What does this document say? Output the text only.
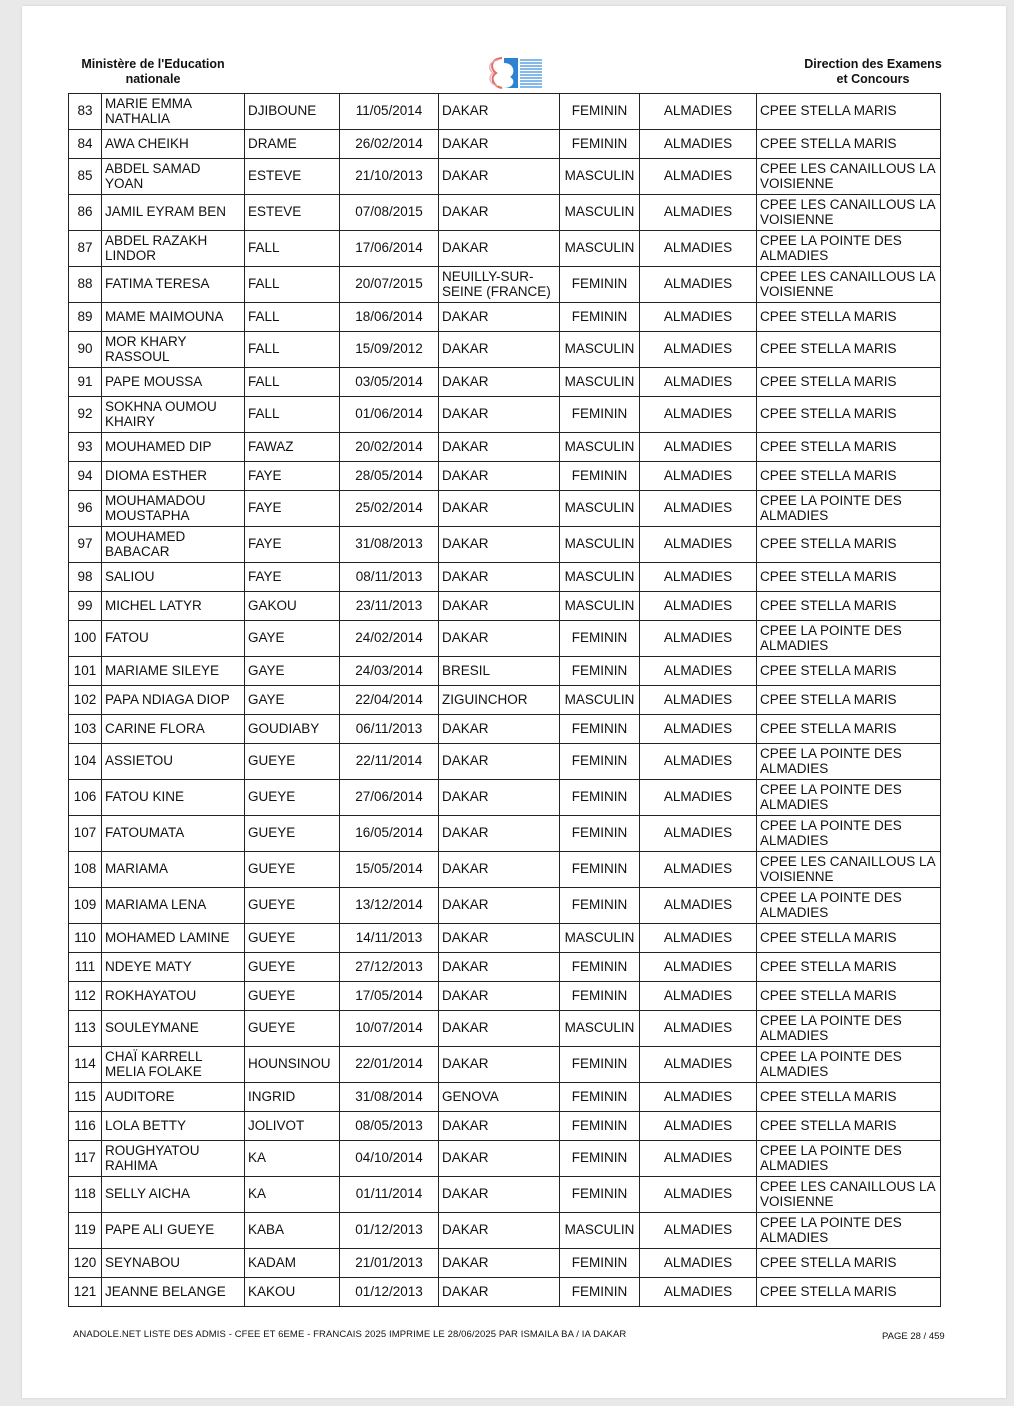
Ministère de l'Education
nationale
Direction des Examens
et Concours
83	MARIE EMMA NATHALIA	DJIBOUNE	11/05/2014	DAKAR	FEMININ	ALMADIES	CPEE STELLA MARIS
84	AWA CHEIKH	DRAME	26/02/2014	DAKAR	FEMININ	ALMADIES	CPEE STELLA MARIS
85	ABDEL SAMAD YOAN	ESTEVE	21/10/2013	DAKAR	MASCULIN	ALMADIES	CPEE LES CANAILLOUS LA VOISIENNE
86	JAMIL EYRAM BEN	ESTEVE	07/08/2015	DAKAR	MASCULIN	ALMADIES	CPEE LES CANAILLOUS LA VOISIENNE
87	ABDEL RAZAKH LINDOR	FALL	17/06/2014	DAKAR	MASCULIN	ALMADIES	CPEE LA POINTE DES ALMADIES
88	FATIMA TERESA	FALL	20/07/2015	NEUILLY-SUR-SEINE (FRANCE)	FEMININ	ALMADIES	CPEE LES CANAILLOUS LA VOISIENNE
89	MAME MAIMOUNA	FALL	18/06/2014	DAKAR	FEMININ	ALMADIES	CPEE STELLA MARIS
90	MOR KHARY RASSOUL	FALL	15/09/2012	DAKAR	MASCULIN	ALMADIES	CPEE STELLA MARIS
91	PAPE MOUSSA	FALL	03/05/2014	DAKAR	MASCULIN	ALMADIES	CPEE STELLA MARIS
92	SOKHNA OUMOU KHAIRY	FALL	01/06/2014	DAKAR	FEMININ	ALMADIES	CPEE STELLA MARIS
93	MOUHAMED DIP	FAWAZ	20/02/2014	DAKAR	MASCULIN	ALMADIES	CPEE STELLA MARIS
94	DIOMA ESTHER	FAYE	28/05/2014	DAKAR	FEMININ	ALMADIES	CPEE STELLA MARIS
96	MOUHAMADOU MOUSTAPHA	FAYE	25/02/2014	DAKAR	MASCULIN	ALMADIES	CPEE LA POINTE DES ALMADIES
97	MOUHAMED BABACAR	FAYE	31/08/2013	DAKAR	MASCULIN	ALMADIES	CPEE STELLA MARIS
98	SALIOU	FAYE	08/11/2013	DAKAR	MASCULIN	ALMADIES	CPEE STELLA MARIS
99	MICHEL LATYR	GAKOU	23/11/2013	DAKAR	MASCULIN	ALMADIES	CPEE STELLA MARIS
100	FATOU	GAYE	24/02/2014	DAKAR	FEMININ	ALMADIES	CPEE LA POINTE DES ALMADIES
101	MARIAME SILEYE	GAYE	24/03/2014	BRESIL	FEMININ	ALMADIES	CPEE STELLA MARIS
102	PAPA NDIAGA DIOP	GAYE	22/04/2014	ZIGUINCHOR	MASCULIN	ALMADIES	CPEE STELLA MARIS
103	CARINE FLORA	GOUDIABY	06/11/2013	DAKAR	FEMININ	ALMADIES	CPEE STELLA MARIS
104	ASSIETOU	GUEYE	22/11/2014	DAKAR	FEMININ	ALMADIES	CPEE LA POINTE DES ALMADIES
106	FATOU KINE	GUEYE	27/06/2014	DAKAR	FEMININ	ALMADIES	CPEE LA POINTE DES ALMADIES
107	FATOUMATA	GUEYE	16/05/2014	DAKAR	FEMININ	ALMADIES	CPEE LA POINTE DES ALMADIES
108	MARIAMA	GUEYE	15/05/2014	DAKAR	FEMININ	ALMADIES	CPEE LES CANAILLOUS LA VOISIENNE
109	MARIAMA LENA	GUEYE	13/12/2014	DAKAR	FEMININ	ALMADIES	CPEE LA POINTE DES ALMADIES
110	MOHAMED LAMINE	GUEYE	14/11/2013	DAKAR	MASCULIN	ALMADIES	CPEE STELLA MARIS
111	NDEYE MATY	GUEYE	27/12/2013	DAKAR	FEMININ	ALMADIES	CPEE STELLA MARIS
112	ROKHAYATOU	GUEYE	17/05/2014	DAKAR	FEMININ	ALMADIES	CPEE STELLA MARIS
113	SOULEYMANE	GUEYE	10/07/2014	DAKAR	MASCULIN	ALMADIES	CPEE LA POINTE DES ALMADIES
114	CHAÏ KARRELL MELIA FOLAKE	HOUNSINOU	22/01/2014	DAKAR	FEMININ	ALMADIES	CPEE LA POINTE DES ALMADIES
115	AUDITORE	INGRID	31/08/2014	GENOVA	FEMININ	ALMADIES	CPEE STELLA MARIS
116	LOLA BETTY	JOLIVOT	08/05/2013	DAKAR	FEMININ	ALMADIES	CPEE STELLA MARIS
117	ROUGHYATOU RAHIMA	KA	04/10/2014	DAKAR	FEMININ	ALMADIES	CPEE LA POINTE DES ALMADIES
118	SELLY AICHA	KA	01/11/2014	DAKAR	FEMININ	ALMADIES	CPEE LES CANAILLOUS LA VOISIENNE
119	PAPE ALI GUEYE	KABA	01/12/2013	DAKAR	MASCULIN	ALMADIES	CPEE LA POINTE DES ALMADIES
120	SEYNABOU	KADAM	21/01/2013	DAKAR	FEMININ	ALMADIES	CPEE STELLA MARIS
121	JEANNE BELANGE	KAKOU	01/12/2013	DAKAR	FEMININ	ALMADIES	CPEE STELLA MARIS
ANADOLE.NET LISTE DES ADMIS - CFEE ET 6EME - FRANCAIS 2025 IMPRIME LE 28/06/2025 PAR ISMAILA BA / IA DAKAR	PAGE 28 / 459
